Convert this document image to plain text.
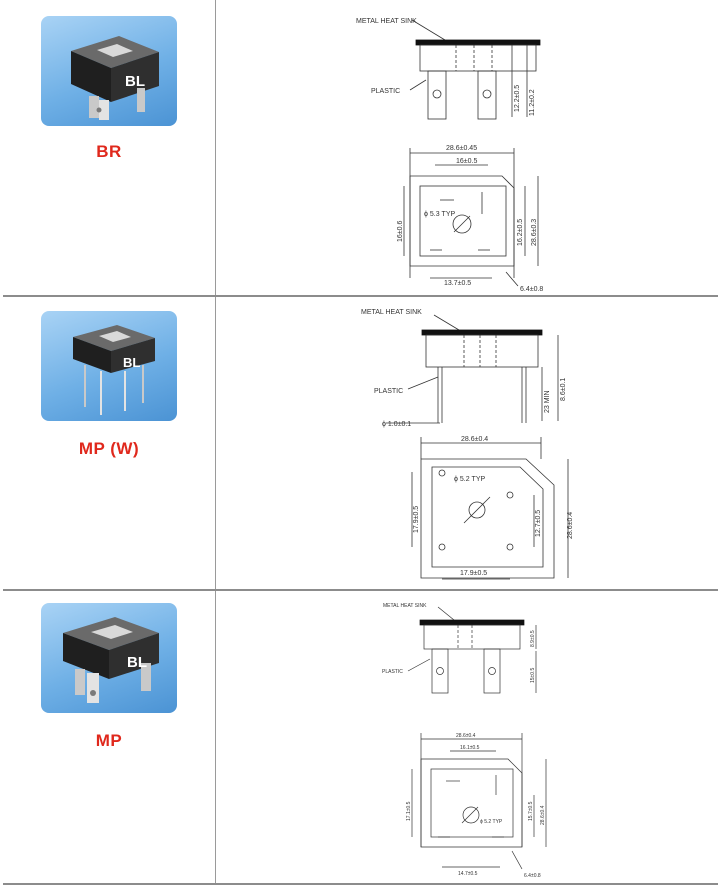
BL
BR
METAL HEAT SINK
PLASTIC	12.2±0.5 11.2±0.2
28.6±0.45
16±0.5
16±0.6
ϕ 5.3 TYP
16.2±0.5 28.6±0.3
13.7±0.5
6.4±0.8
BL
MP (W)
METAL HEAT SINK
PLASTIC	23 MIN
8.6±0.1
ϕ 1.0±0.1
28.6±0.4
ϕ 5.2 TYP
17.9±0.5	12.7±0.5	28.6±0.4
17.9±0.5
BL
MP
METAL HEAT SINK
PLASTIC
8.9±0.5
15±0.5
28.6±0.4
16.1±0.5
17.1±0.5
ϕ 5.2 TYP
15.7±0.5 28.6±0.4
14.7±0.5	6.4±0.8
